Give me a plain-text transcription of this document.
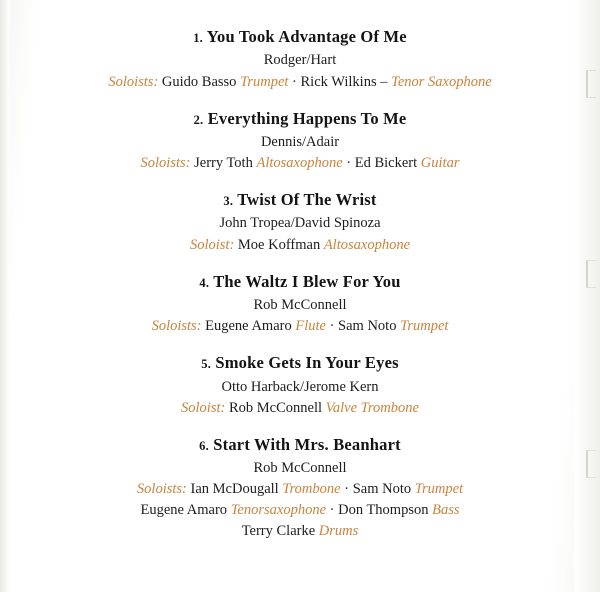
1. You Took Advantage Of Me
Rodger/Hart
Soloists: Guido Basso Trumpet · Rick Wilkins – Tenor Saxophone
2. Everything Happens To Me
Dennis/Adair
Soloists: Jerry Toth Altosaxophone · Ed Bickert Guitar
3. Twist Of The Wrist
John Tropea/David Spinoza
Soloist: Moe Koffman Altosaxophone
4. The Waltz I Blew For You
Rob McConnell
Soloists: Eugene Amaro Flute · Sam Noto Trumpet
5. Smoke Gets In Your Eyes
Otto Harback/Jerome Kern
Soloist: Rob McConnell Valve Trombone
6. Start With Mrs. Beanhart
Rob McConnell
Soloists: Ian McDougall Trombone · Sam Noto Trumpet
Eugene Amaro Tenorsaxophone · Don Thompson Bass
Terry Clarke Drums
